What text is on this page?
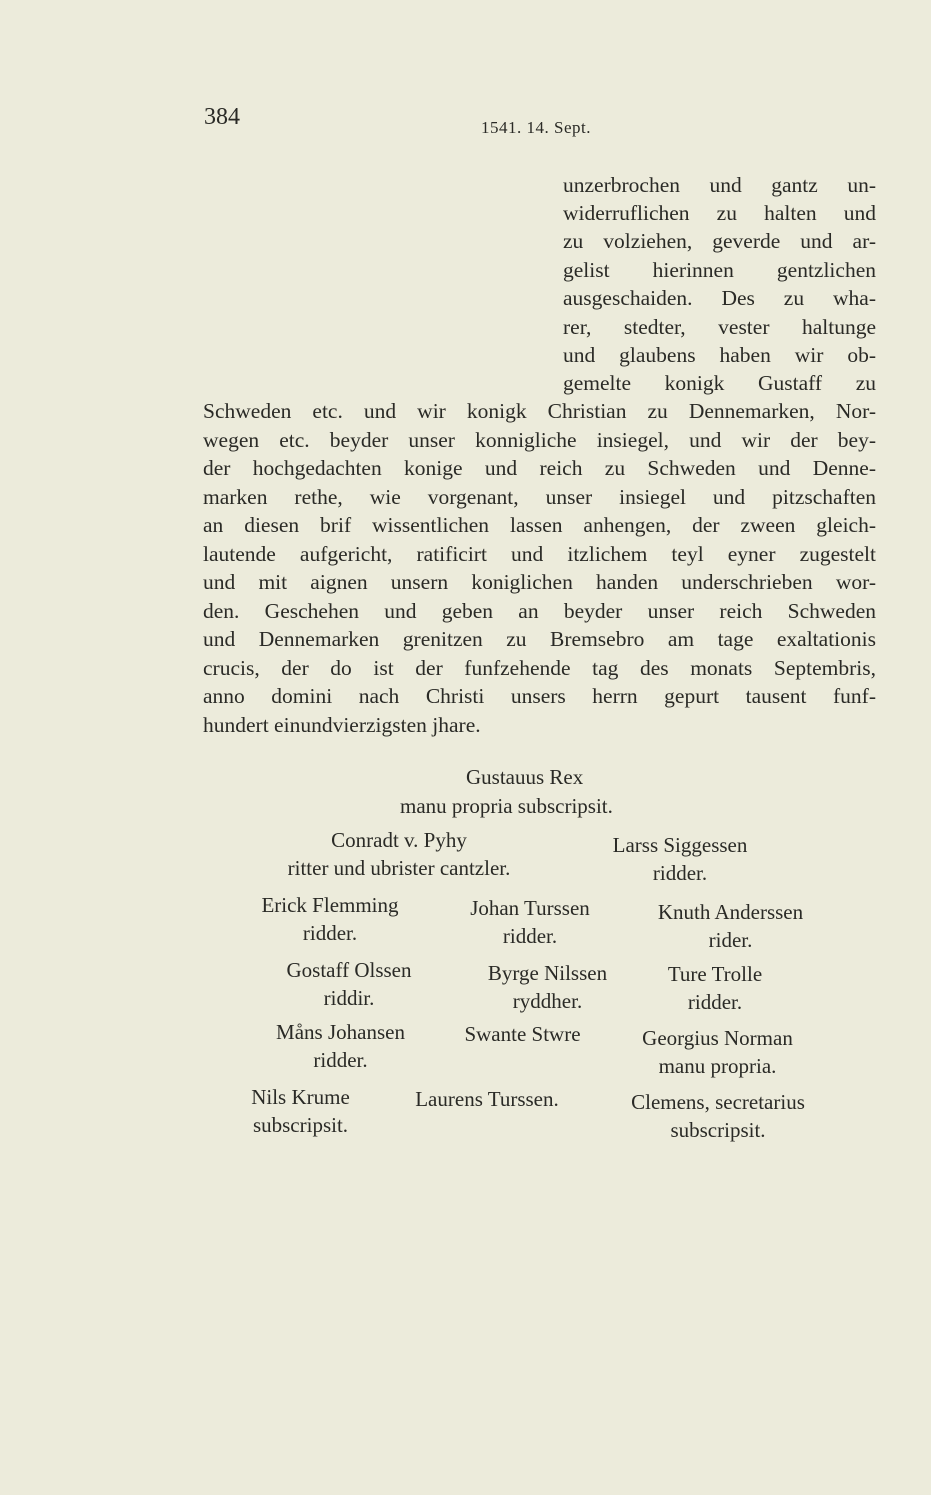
384	1541. 14. Sept.

unzerbrochen und gantz un-

widerruflichen zu halten und

zu volziehen, geverde und ar-

gelist hierinnen gentzlichen

ausgeschaiden. Des zu wha-

rer, stedter, vester haltunge

und glaubens haben wir ob-

gemelte konigk Gustaff zu

Schweden etc. und wir konigk Christian zu Dennemarken, Nor-

wegen etc. beyder unser konnigliche insiegel, und wir der bey-

der hochgedachten konige und reich zu Schweden und Denne-

marken rethe, wie vorgenant, unser insiegel und pitzschaften

an diesen brif wissentlichen lassen anhengen, der zween gleich-

lautende aufgericht, ratificirt und itzlichem teyl eyner zugestelt

und mit aignen unsern koniglichen handen underschrieben wor-

den. Geschehen und geben an beyder unser reich Schweden

und Dennemarken grenitzen zu Bremsebro am tage exaltationis

crucis, der do ist der funfzehende tag des monats Septembris,

anno domini nach Christi unsers herrn gepurt tausent funf-

hundert einundvierzigsten jhare.

Gustauus Rex
manu propria subscripsit.
Conradt v. Pyhy
ritter und ubrister cantzler.
Larss Siggessen
ridder.
Erick Flemming
ridder.
Johan Turssen
ridder.
Knuth Anderssen
rider.
Gostaff Olssen
riddir.
Byrge Nilssen
ryddher.
Ture Trolle
ridder.
Måns Johansen
ridder.
Swante Stwre	Georgius Norman
manu propria.
Nils Krume
subscripsit.
Laurens Turssen.	Clemens, secretarius
subscripsit.
